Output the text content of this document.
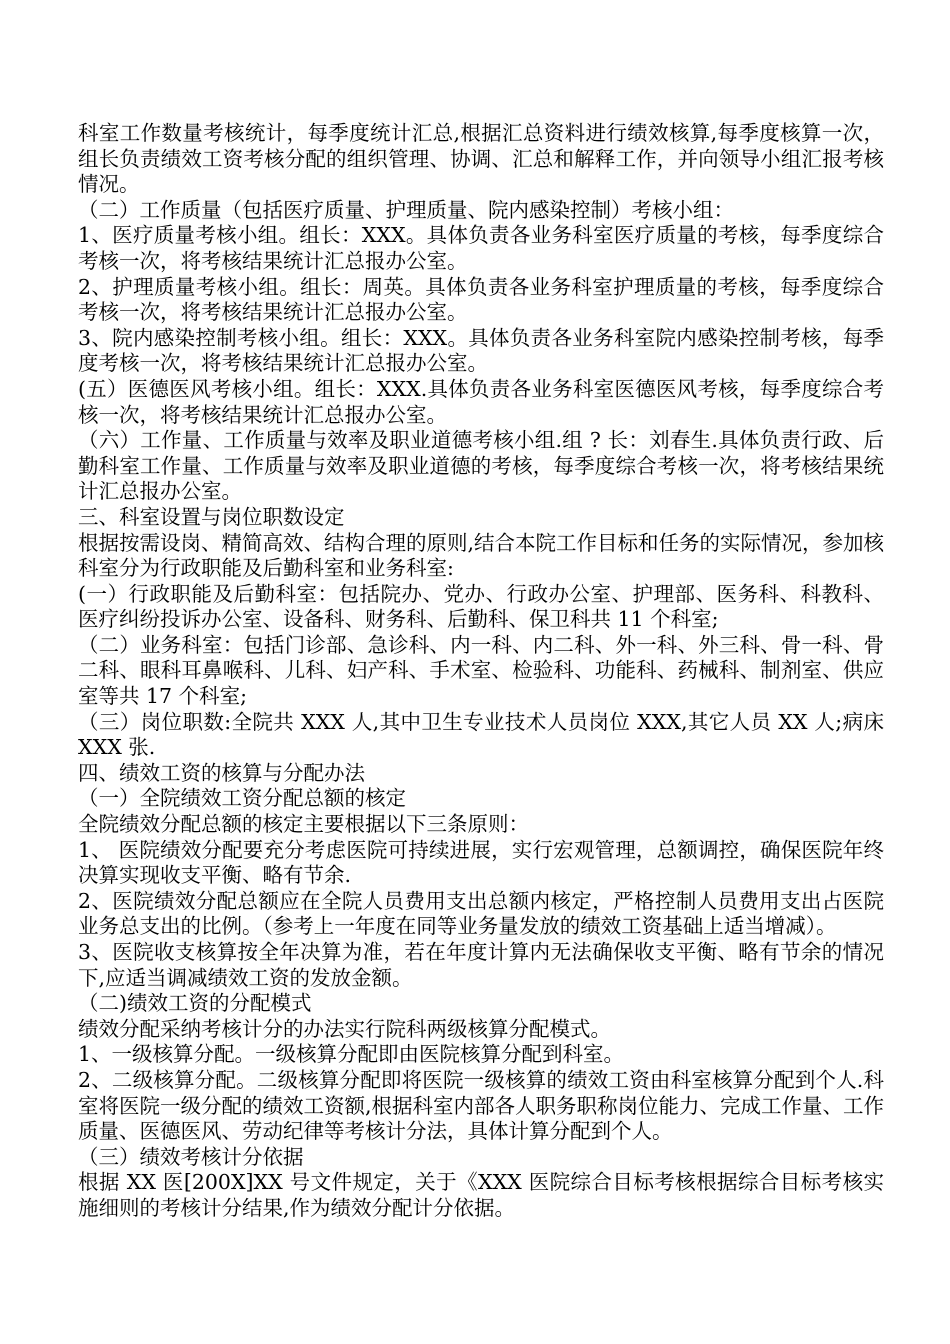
科室工作数量考核统计，每季度统计汇总,根据汇总资料进行绩效核算,每季度核算一次，组长负责绩效工资考核分配的组织管理、协调、汇总和解释工作，并向领导小组汇报考核情况。

（二）工作质量（包括医疗质量、护理质量、院内感染控制）考核小组：

1、医疗质量考核小组。组长：XXX。具体负责各业务科室医疗质量的考核，每季度综合考核一次，将考核结果统计汇总报办公室。

2、护理质量考核小组。组长：周英。具体负责各业务科室护理质量的考核，每季度综合考核一次，将考核结果统计汇总报办公室。

3、院内感染控制考核小组。组长：XXX。具体负责各业务科室院内感染控制考核，每季度考核一次，将考核结果统计汇总报办公室。

(五）医德医风考核小组。组长：XXX.具体负责各业务科室医德医风考核，每季度综合考核一次，将考核结果统计汇总报办公室。

（六）工作量、工作质量与效率及职业道德考核小组.组 ? 长：刘春生.具体负责行政、后勤科室工作量、工作质量与效率及职业道德的考核，每季度综合考核一次，将考核结果统计汇总报办公室。

三、科室设置与岗位职数设定

根据按需设岗、精简高效、结构合理的原则,结合本院工作目标和任务的实际情况，参加核科室分为行政职能及后勤科室和业务科室:

(一）行政职能及后勤科室：包括院办、党办、行政办公室、护理部、医务科、科教科、医疗纠纷投诉办公室、设备科、财务科、后勤科、保卫科共 11 个科室;

（二）业务科室：包括门诊部、急诊科、内一科、内二科、外一科、外三科、骨一科、骨二科、眼科耳鼻喉科、儿科、妇产科、手术室、检验科、功能科、药械科、制剂室、供应室等共 17 个科室;

（三）岗位职数:全院共 XXX 人,其中卫生专业技术人员岗位 XXX,其它人员 XX 人;病床 XXX 张.

四、绩效工资的核算与分配办法

（一）全院绩效工资分配总额的核定

全院绩效分配总额的核定主要根据以下三条原则：

1、 医院绩效分配要充分考虑医院可持续进展，实行宏观管理，总额调控，确保医院年终决算实现收支平衡、略有节余.

2、医院绩效分配总额应在全院人员费用支出总额内核定，严格控制人员费用支出占医院业务总支出的比例。（参考上一年度在同等业务量发放的绩效工资基础上适当增减）。

3、医院收支核算按全年决算为准，若在年度计算内无法确保收支平衡、略有节余的情况下,应适当调减绩效工资的发放金额。

（二)绩效工资的分配模式

绩效分配采纳考核计分的办法实行院科两级核算分配模式。

1、一级核算分配。一级核算分配即由医院核算分配到科室。

2、二级核算分配。二级核算分配即将医院一级核算的绩效工资由科室核算分配到个人.科室将医院一级分配的绩效工资额,根据科室内部各人职务职称岗位能力、完成工作量、工作质量、医德医风、劳动纪律等考核计分法，具体计算分配到个人。

（三）绩效考核计分依据

根据 XX 医[200X]XX 号文件规定，关于《XXX 医院综合目标考核根据综合目标考核实施细则的考核计分结果,作为绩效分配计分依据。
